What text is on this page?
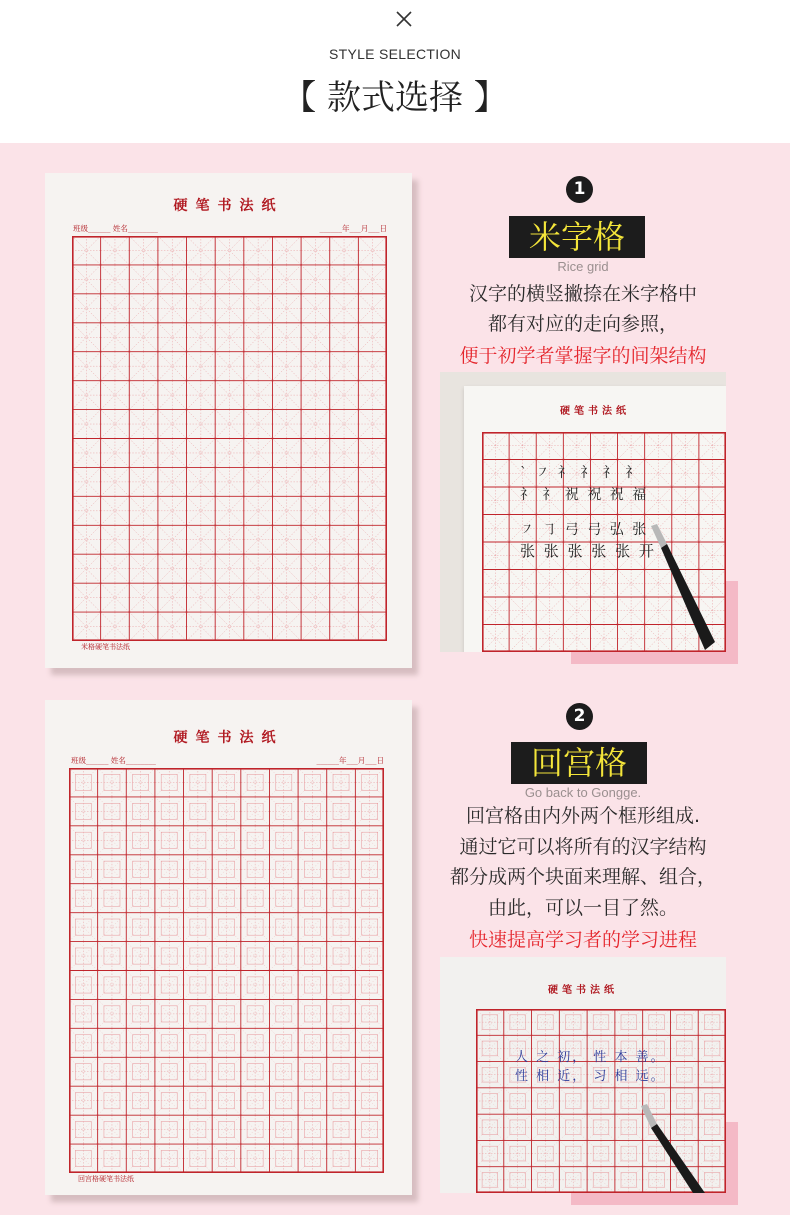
STYLE SELECTION
【 款式选择 】
硬笔书法纸
班级______ 姓名________	______年___月___日
米格硬笔书法纸
硬笔书法纸
班级______ 姓名________	______年___月___日
回宫格硬笔书法纸
1
米字格
Rice grid
汉字的横竖撇捺在米字格中
都有对应的走向参照，
便于初学者掌握字的间架结构
硬笔书法纸
` ㇇ 礻 礻 礻 礻
礻 礻 祝 祝 祝 福
㇇ ㇆ 弓 弓 弘 张
张 张 张 张 张 开
2
回宫格
Go back to Gongge.
回宫格由内外两个框形组成.
通过它可以将所有的汉字结构
都分成两个块面来理解、组合，
由此，可以一目了然。
快速提高学习者的学习进程
硬笔书法纸
人 之 初， 性 本 善。
性 相 近， 习 相 远。
